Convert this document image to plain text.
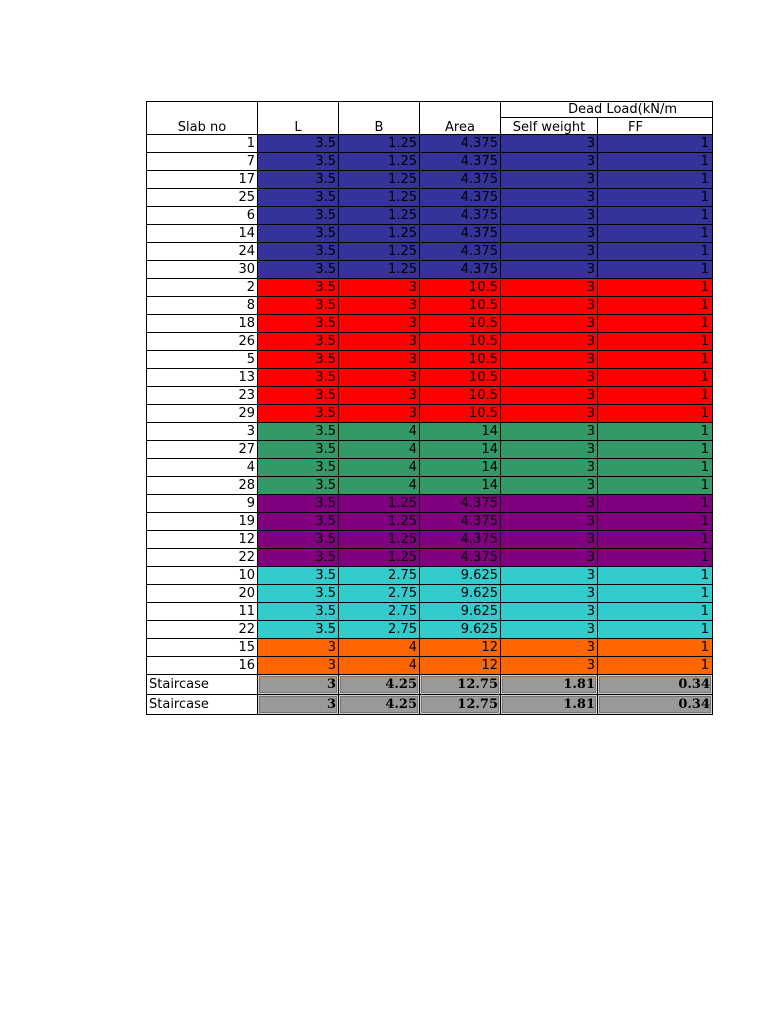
Slab no	L	B	Area	Dead Load(kN/m	
				Self weight	FF
1	3.5	1.25	4.375	3	1
7	3.5	1.25	4.375	3	1
17	3.5	1.25	4.375	3	1
25	3.5	1.25	4.375	3	1
6	3.5	1.25	4.375	3	1
14	3.5	1.25	4.375	3	1
24	3.5	1.25	4.375	3	1
30	3.5	1.25	4.375	3	1
2	3.5	3	10.5	3	1
8	3.5	3	10.5	3	1
18	3.5	3	10.5	3	1
26	3.5	3	10.5	3	1
5	3.5	3	10.5	3	1
13	3.5	3	10.5	3	1
23	3.5	3	10.5	3	1
29	3.5	3	10.5	3	1
3	3.5	4	14	3	1
27	3.5	4	14	3	1
4	3.5	4	14	3	1
28	3.5	4	14	3	1
9	3.5	1.25	4.375	3	1
19	3.5	1.25	4.375	3	1
12	3.5	1.25	4.375	3	1
22	3.5	1.25	4.375	3	1
10	3.5	2.75	9.625	3	1
20	3.5	2.75	9.625	3	1
11	3.5	2.75	9.625	3	1
22	3.5	2.75	9.625	3	1
15	3	4	12	3	1
16	3	4	12	3	1
Staircase	3	4.25	12.75	1.81	0.34
Staircase	3	4.25	12.75	1.81	0.34
